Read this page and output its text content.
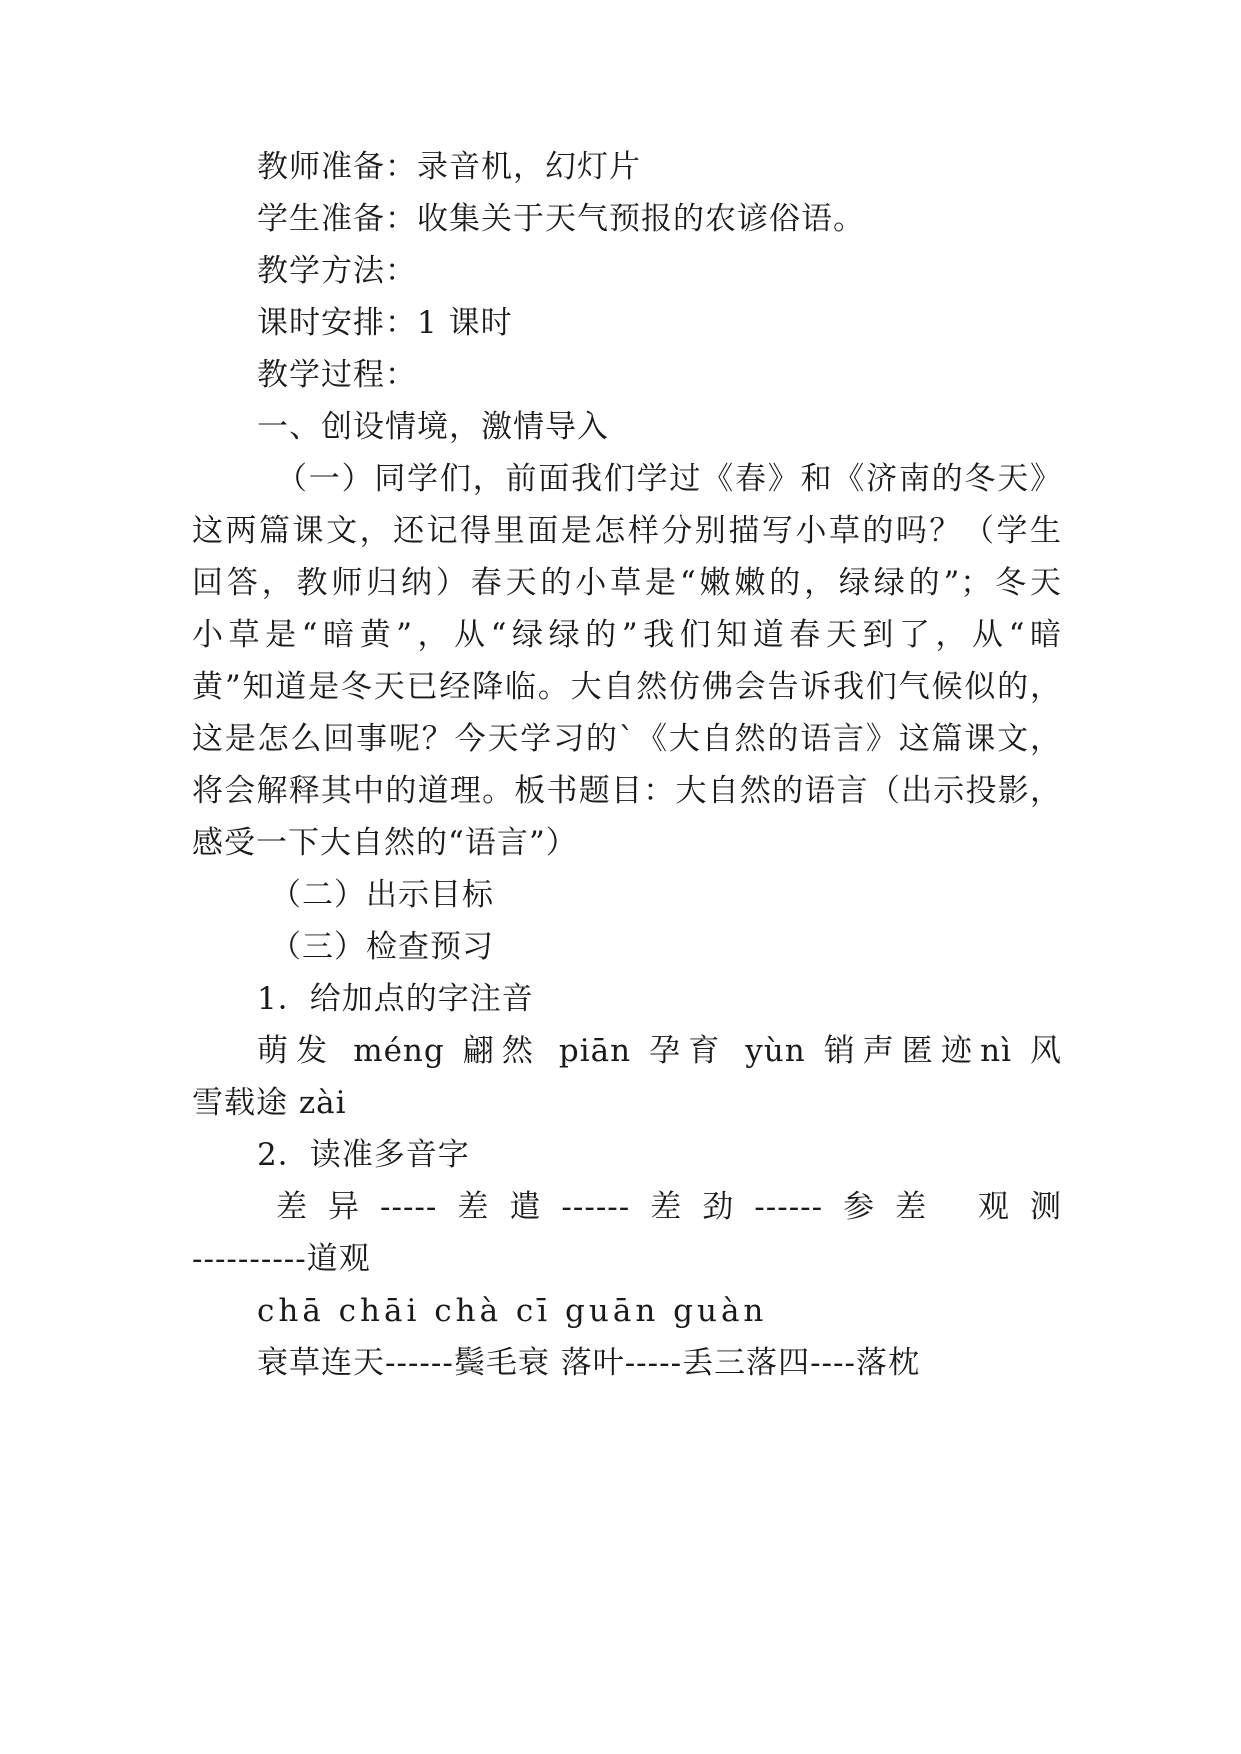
教师准备：录音机，幻灯片
学生准备：收集关于天气预报的农谚俗语。
教学方法：
课时安排：1 课时
教学过程：
一、创设情境，激情导入
（一）同学们，前面我们学过《春》和《济南的冬天》
这两篇课文，还记得里面是怎样分别描写小草的吗？（学生
回答，教师归纳）春天的小草是“嫩嫩的，绿绿的”；冬天
小草是“暗黄”，从“绿绿的”我们知道春天到了，从“暗
黄”知道是冬天已经降临。大自然仿佛会告诉我们气候似的，
这是怎么回事呢？今天学习的`《大自然的语言》这篇课文，
将会解释其中的道理。板书题目：大自然的语言（出示投影，
感受一下大自然的“语言”）
（二）出示目标
（三）检查预习
1．给加点的字注音
萌发 méng 翩然 piān 孕育 yùn 销声匿迹nì 风
雪载途 zài
2．读准多音字
差异-----差遣------差劲------参差 观测
----------道观
chā chāi chà cī guān guàn
衰草连天------鬓毛衰 落叶-----丢三落四----落枕
